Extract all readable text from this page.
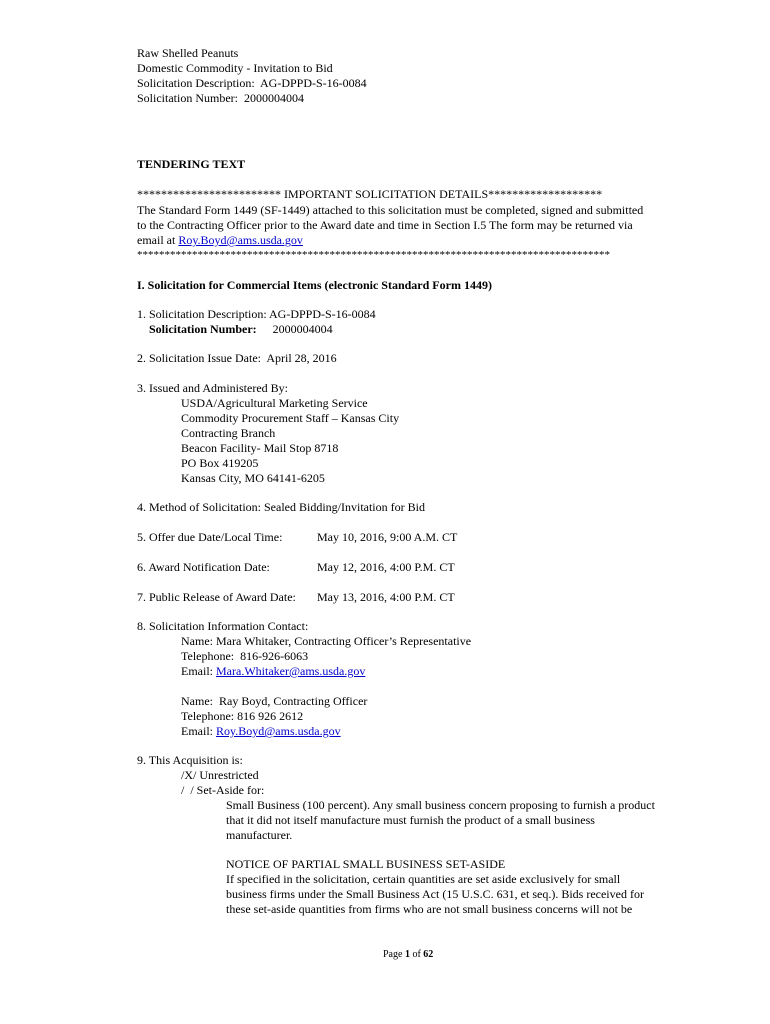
Raw Shelled Peanuts
Domestic Commodity - Invitation to Bid
Solicitation Description:  AG-DPPD-S-16-0084
Solicitation Number:  2000004004
TENDERING TEXT
************************ IMPORTANT SOLICITATION DETAILS*******************
The Standard Form 1449 (SF-1449) attached to this solicitation must be completed, signed and submitted
to the Contracting Officer prior to the Award date and time in Section I.5 The form may be returned via
email at Roy.Boyd@ams.usda.gov
**************************************************************************************
I. Solicitation for Commercial Items (electronic Standard Form 1449)
1. Solicitation Description: AG-DPPD-S-16-0084
Solicitation Number: 2000004004
2. Solicitation Issue Date:  April 28, 2016
3. Issued and Administered By:
USDA/Agricultural Marketing Service
Commodity Procurement Staff – Kansas City
Contracting Branch
Beacon Facility- Mail Stop 8718
PO Box 419205
Kansas City, MO 64141-6205
4. Method of Solicitation: Sealed Bidding/Invitation for Bid
5. Offer due Date/Local Time:	May 10, 2016, 9:00 A.M. CT
6. Award Notification Date:	May 12, 2016, 4:00 P.M. CT
7. Public Release of Award Date: May 13, 2016, 4:00 P.M. CT
8. Solicitation Information Contact:
Name: Mara Whitaker, Contracting Officer’s Representative
Telephone:  816-926-6063
Email: Mara.Whitaker@ams.usda.gov
Name:  Ray Boyd, Contracting Officer
Telephone: 816 926 2612
Email: Roy.Boyd@ams.usda.gov
9. This Acquisition is:
/X/ Unrestricted
/  / Set-Aside for:
Small Business (100 percent). Any small business concern proposing to furnish a product
that it did not itself manufacture must furnish the product of a small business
manufacturer.
NOTICE OF PARTIAL SMALL BUSINESS SET-ASIDE
If specified in the solicitation, certain quantities are set aside exclusively for small
business firms under the Small Business Act (15 U.S.C. 631, et seq.). Bids received for
these set-aside quantities from firms who are not small business concerns will not be
Page 1 of 62
